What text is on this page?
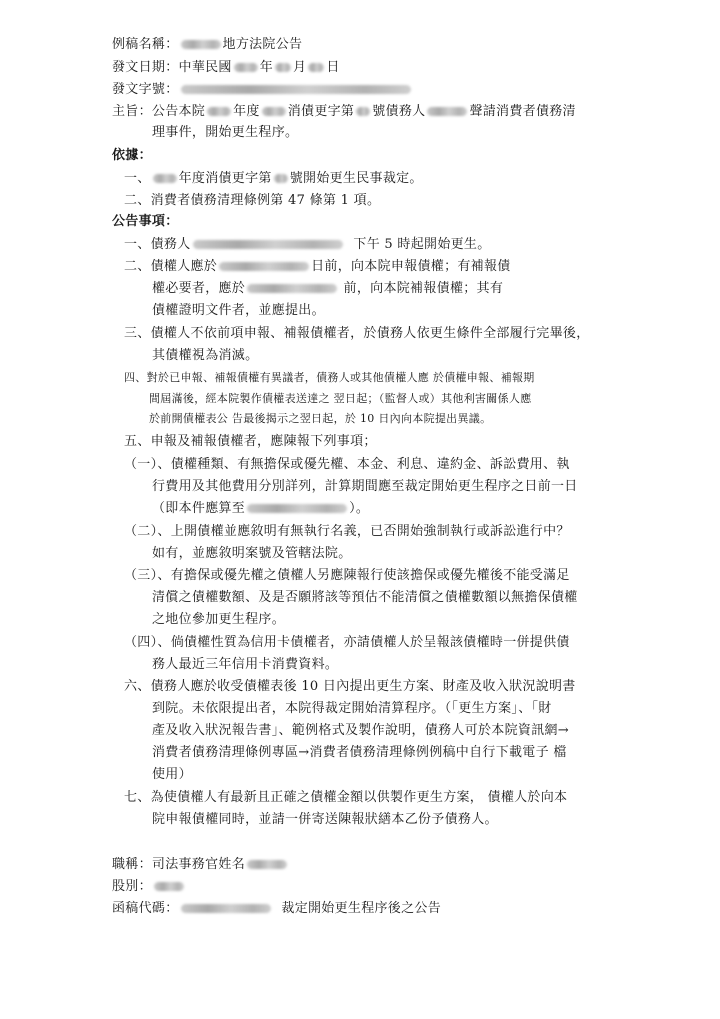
例稿名稱：	地方法院公告
發文日期：中華民國 年 月 日
發文字號：
主旨：公告本院 年度 消債更字第 號債務人	聲請消費者債務清
理事件，開始更生程序。
依據：
一、 年度消債更字第 號開始更生民事裁定。
二、消費者債務清理條例第 47 條第 1 項。
公告事項：
一、債務人	下午 5 時起開始更生。
二、債權人應於	日前，向本院申報債權；有補報債
權必要者，應於	前，向本院補報債權；其有
債權證明文件者，並應提出。
三、債權人不依前項申報、補報債權者，於債務人依更生條件全部履行完畢後，
其債權視為消滅。
四、對於已申報、補報債權有異議者，債務人或其他債權人應 於債權申報、補報期
間屆滿後，經本院製作債權表送達之 翌日起；（監督人或）其他利害關係人應
於前開債權表公 告最後揭示之翌日起，於 10 日內向本院提出異議。
五、申報及補報債權者，應陳報下列事項；
（一）、債權種類、有無擔保或優先權、本金、利息、違約金、訴訟費用、執
行費用及其他費用分別詳列，計算期間應至裁定開始更生程序之日前一日
（即本件應算至	）。
（二）、上開債權並應敘明有無執行名義，已否開始強制執行或訴訟進行中？
如有，並應敘明案號及管轄法院。
（三）、有擔保或優先權之債權人另應陳報行使該擔保或優先權後不能受滿足
清償之債權數額、及是否願將該等預估不能清償之債權數額以無擔保債權
之地位參加更生程序。
（四）、倘債權性質為信用卡債權者，亦請債權人於呈報該債權時一併提供債
務人最近三年信用卡消費資料。
六、債務人應於收受債權表後 10 日內提出更生方案、財產及收入狀況說明書
到院。未依限提出者，本院得裁定開始清算程序。（「更生方案」、「財
產及收入狀況報告書」、範例格式及製作說明，債務人可於本院資訊網→
消費者債務清理條例專區→消費者債務清理條例例稿中自行下載電子 檔
使用）
七、為使債權人有最新且正確之債權金額以供製作更生方案， 債權人於向本
院申報債權同時，並請一併寄送陳報狀繕本乙份予債務人。
職稱：司法事務官姓名
股別：
函稿代碼：	裁定開始更生程序後之公告
